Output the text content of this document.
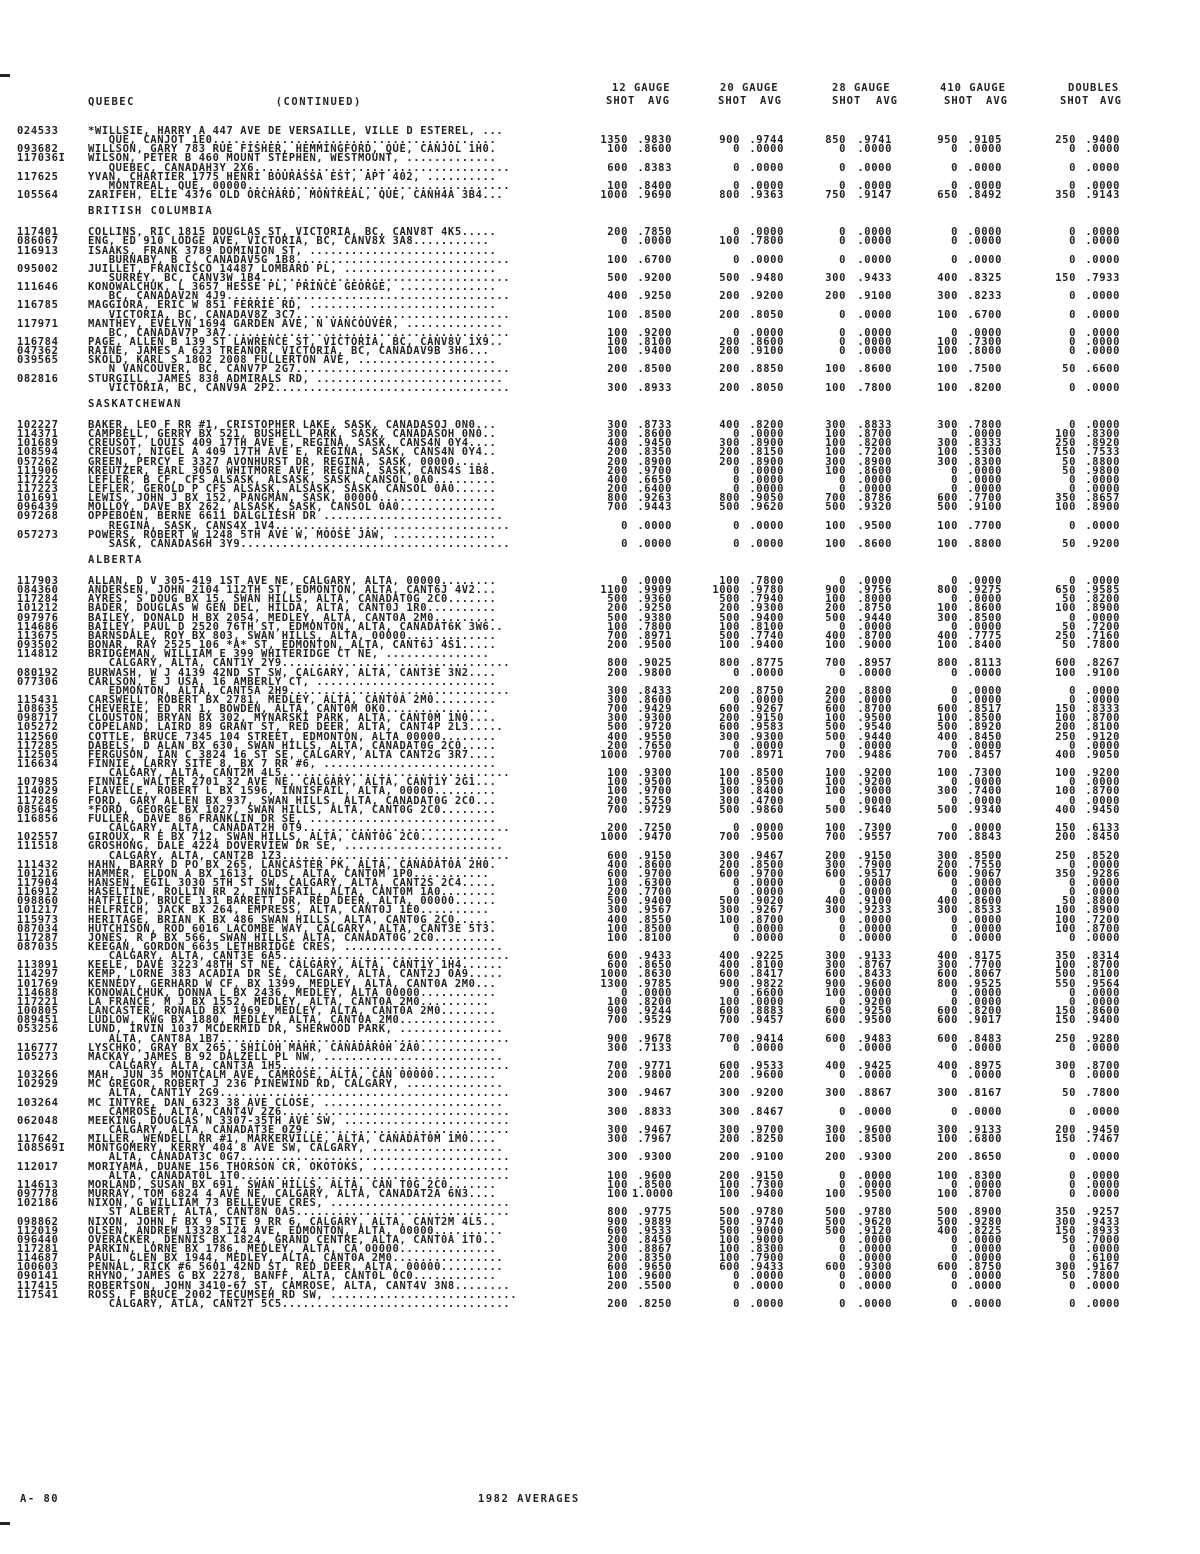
QUEBEC	(CONTINUED)
12 GAUGE	20 GAUGE	28 GAUGE	410 GAUGE	DOUBLES
SHOT AVG	SHOT AVG	SHOT AVG	SHOT AVG	SHOT AVG
024533	*WILLSIE, HARRY A 447 AVE DE VERSAILLE, VILLE D ESTEREL, ...
QUE, CANJOT 1E0.........................................	1350 .9830	900 .9744	850	.9741	950 .9105	250 .9400
093682	WILLSON, GARY 783 RUE FISHER, HEMMINGFORD, QUE, CANJOL 1H0.	100 .8600	0 .0000	0	.0000	0 .0000	0 .0000
117036I WILSON, PETER B 460 MOUNT STEPHEN, WESTMOUNT, .............
QUEBEC, CANADAH3Y 2X6.....................................	600 .8383	0 .0000	0	.0000	0 .0000	0 .0000
117625	YVAN, CHARTIER 1775 HENRI BOURASSA EST, APT 402, ..........
MONTREAL, QUE, 00000......................................	100 .8400	0 .0000	0	.0000	0 .0000	0 .0000
105564	ZARIFEH, ELIE 4376 OLD ORCHARD, MONTREAL, QUE, CANH4A 3B4...	1000 .9690	800 .9363	750	.9147	650 .8492	350 .9143
BRITISH COLUMBIA
117401	COLLINS, RIC 1815 DOUGLAS ST, VICTORIA, BC, CANV8T 4K5.....	200 .7850	0 .0000	0	.0000	0 .0000	0 .0000
086067	ENG, ED 910 LODGE AVE, VICTORIA, BC, CANV8X 3A8...........	0 .0000	100 .7800	0	.0000	0 .0000	0 .0000
116913	ISAAKS, FRANK 3789 DOMINION ST, ...........................
BURNABY, B C, CANADAV5G 1B8...............................	100 .6700	0 .0000	0	.0000	0 .0000	0 .0000
095002	JUILLET, FRANCISCO 14487 LOMBARD PL, ......................
SURREY, BC, CANV3W 1B4....................................	500 .9200	500 .9480	300	.9433	400 .8325	150 .7933
111646	KONOWALCHUK, L 3657 HESSE PL, PRINCE GEORGE, ..............
BC, CANADAV2N 4J9.........................................	400 .9250	200 .9200	200	.9100	300 .8233	0 .0000
116785	MAGGIORA, ERIC W 851 FERRIE RD, ...........................
VICTORIA, BC, CANADAV8Z 3C7...............................	100 .8500	200 .8050	0	.0000	100 .6700	0 .0000
117971	MANTHEY, EVELYN 1694 GARDEN AVE, N VANCOUVER, ..............
BC, CANADAV7P 3A7.........................................	100 .9200	0 .0000	0	.0000	0 .0000	0 .0000
116784	PAGE, ALLEN B 139 ST LAWRENCE ST, VICTORIA, BC, CANV8V 1X9..	100 .8100	200 .8600	0	.0000	100 .7300	0 .0000
047362	RAINE, JAMES A 623 TREANOR, VICTORIA, BC, CANADAV9B 3H6...	100 .9400	200 .9100	0	.0000	100 .8000	0 .0000
039565	SKOLD, KARL S 1802 2008 FULLERTON AVE, ....................
N VANCOUVER, BC, CANV7P 2G7...............................	200 .8500	200 .8850	100	.8600	100 .7500	50 .6600
082816	STURGILL, JAMES 838 ADMIRALS RD, ...........................
VICTORIA, BC, CANV9A 2P2..................................	300 .8933	200 .8050	100	.7800	100 .8200	0 .0000
SASKATCHEWAN
102227	BAKER, LEO F RR #1, CRISTOPHER LAKE, SASK, CANADASOJ 0N0...	300 .8733	400 .8200	300	.8833	300 .7800	0 .0000
114371	CAMPBELL, GERRY BX 521, BUSHELL PARK, SASK, CANADASOH 0N0..	300 .8600	0 .0000	100	.8700	0 .0000	100 .8300
101689	CREUSOT, LOUIS 409 17TH AVE E, REGINA, SASK, CANS4N 0Y4....	400 .9450	300 .8900	100	.8200	300 .8333	250 .8920
108594	CREUSOT, NIGEL A 409 17TH AVE E, REGINA, SASK, CANS4N 0Y4..	200 .8350	200 .8150	100	.7200	100 .5300	150 .7533
057262	GREEN, PERCY E 3327 AVONHURST DR, REGINA, SASK, 00000.....	200 .8900	200 .8900	300	.8900	300 .8300	50 .8800
111906	KREUTZER, EARL 3050 WHITMORE AVE, REGINA, SASK, CANS4S 1B8.	200 .9700	0 .0000	100	.8600	0 .0000	50 .9800
117222	LEFLER, B CF, CFS ALSASK, ALSASK, SASK, CANSOL 0A0.........	400 .6650	0 .0000	0	.0000	0 .0000	0 .0000
117223	LEFLER, GEROLD P CFS ALSASK, ALSASK, SASK, CANSOL 0A0......	200 .6400	0 .0000	0	.0000	0 .0000	0 .0000
101691	LEWIS, JOHN J BX 152, PANGMAN, SASK, 00000.................	800 .9263	800 .9050	700	.8786	600 .7700	350 .8657
096439	MOLLOY, DAVE BX 262, ALSASK, SASK, CANSOL 0A0..............	700 .9443	500 .9620	500	.9320	500 .9100	100 .8900
097268	OPPEBOEN, BERNE 6611 DALGLIESH DR ..........................
REGINA, SASK, CANS4X 1V4..................................	0 .0000	0 .0000	100	.9500	100 .7700	0 .0000
057273	POWERS, ROBERT W 1248 5TH AVE W, MOOSE JAW, ...............
SASK, CANADAS6H 3Y9.......................................	0 .0000	0 .0000	100	.8600	100 .8800	50 .9200
ALBERTA
117903	ALLAN, D V 305-419 1ST AVE NE, CALGARY, ALTA, 00000........	0 .0000	100 .7800	0	.0000	0 .0000	0 .0000
084360	ANDERSEN, JOHN 2104 112TH ST, EDMONTON, ALTA, CANT6J 4V2...	1100 .9909	1000 .9780	900	.9756	800 .9275	650 .9585
117284	AYRES, S DOUG BX 15, SWAN HILLS, ALTA, CANADAT0G 2C0.......	500 .9360	500 .7940	100	.8000	0 .0000	50 .8200
101212	BADER, DOUGLAS W GEN DEL, HILDA, ALTA, CANT0J 1R0..........	200 .9250	200 .9300	200	.8750	100 .8600	100 .8900
097976	BAILEY, DONALD H BX 2054, MEDLEY, ALTA, CANT0A 2M0.........	500 .9380	500 .9400	500	.9440	300 .8500	0 .0000
114686	BAILEY, PAUL D 2520 76TH ST, EDMONTON, ALTA, CANADAT6K 3W6..	100 .7800	100 .8100	0	.0000	0 .0000	50 .7200
113675	BARNSDALE, ROY BX 803, SWAN HILLS, ALTA, 00000.............	700 .8971	500 .7740	400	.8700	400 .7775	250 .7160
093502	BONAR, RAY 2525 106 *A* ST, EDMONTON, ALTA, CANT6J 4S1.....	200 .9500	100 .9400	100	.9000	100 .8400	50 .7800
114812	BRIDGEMAN, WILLIAM E 399 WHITERIDGE CT NE, ...............
CALGARY, ALTA, CANT1Y 2Y9.................................	800 .9025	800 .8775	700	.8957	800 .8113	600 .8267
080192	BURWASH, W J 4139 42ND ST SW, CALGARY, ALTA, CANT3E 3N2....	200 .9800	0 .0000	0	.0000	0 .0000	100 .9100
077306	CARLSON, E J USA, 16 AMBERLY CT, ..........................
EDMONTON, ALTA, CANT5A 2H9................................	300 .8433	200 .8750	200	.8800	0 .0000	0 .0000
115431	CARSWELL, ROBERT BX 2781, MEDLEY, ALTA, CANT0A 2M0.........	300 .8600	0 .0000	200	.0000	0 .0000	0 .0000
108635	CHEVERIE, ED RR 1, BOWDEN, ALTA, CANT0M 0K0...............	700 .9429	600 .9267	600	.8700	600 .8517	150 .8333
098717	CLOUSTON, BRYAN BX 302, MYNARSKI PARK, ALTA, CANT0M 1N0....	300 .9300	200 .9150	100	.9500	100 .8500	100 .8700
105272	COPELAND, LAIRD 89 GRANT ST, RED DEER, ALTA, CANT4P 2L3.....	500 .9720	600 .9583	500	.9540	500 .8920	200 .8100
112560	COTTLE, BRUCE 7345 104 STREET, EDMONTON, ALTA 00000........	400 .9550	300 .9300	500	.9440	400 .8450	250 .9120
117285	DABELS, D ALAN BX 630, SWAN HILLS, ALTA, CANADAT0G 2C0.....	200 .7650	0 .0000	0	.0000	0 .0000	0 .0000
112505	FERGUSON, IAN C 3824 16 ST SE, CALGARY, ALTA CANT2G 3R7....	1000 .9700	700 .8971	700	.9486	700 .8457	400 .9050
116634	FINNIE, LARRY SITE 8, BX 7 RR #6, .........................
CALGARY, ALTA, CANT2M 4L5.................................	100 .9300	100 .8500	100	.9200	100 .7300	100 .9200
107985	FINNIE, WALTER 2701 32 AVE NE, CALGARY, ALTA, CANT1Y 2G1...	100 .9500	100 .9500	100	.9200	0 .0000	0 .0000
114029	FLAVELLE, ROBERT L BX 1596, INNISFAIL, ALTA, 00000.........	100 .9700	300 .8400	100	.9000	300 .7400	100 .8700
117286	FORD, GARY ALLEN BX 937, SWAN HILLS, ALTA, CANADAT0G 2C0...	200 .5250	300 .4700	0	.0000	0 .0000	0 .0000
085645	*FORD, GEORGE BX 1027, SWAN HILLS, ALTA, CANT0G 2C0........	700 .9729	500 .9860	500	.9640	500 .9340	400 .9450
116856	FULLER, DAVE 86 FRANKLIN DR SE, ...........................
CALGARY, ALTA, CANADAT2H 0T9..............................	200 .7250	0 .0000	100	.7300	0 .0000	150 .6133
102557	GIROUX, R E BX 712, SWAN HILLS, ALTA, CANT0G 2C0...........	1000 .9470	700 .9500	700	.9557	700 .8843	200 .8450
111518	GROSHONG, DALE 4224 DOVERVIEW DR SE, .......................
CALGARY, ALTA, CANT2B 1Z3.................................	600 .9150	300 .9467	200	.9150	300 .8500	250 .8520
111432	HAHN, BARRY D PO BX 265, LANCASTER PK, ALTA, CANADAT0A 2H0.	400 .8600	200 .8500	300	.7900	200 .7550	0 .0000
101216	HAMMER, ELDON A BX 1613, OLDS, ALTA, CANT0M 1P0...........	600 .9700	600 .9700	600	.9517	600 .9067	350 .9286
117904	HANSEN, EGIL 3030 5TH ST SW, CALGARY, ALTA, CANT2S 2C4.....	100 .6300	0 .0000	0	.0000	0 .0000	0 .0000
116912	HASELTINE, ROLLIN RR 2, INNISFAIL, ALTA, CANT0M 1A0........	200 .7700	0 .0000	0	.0000	0 .0000	0 .0000
098860	HATFIELD, BRUCE 131 BARRETT DR, RED DEER, ALTA, 00000......	500 .9400	500 .9020	400	.9100	400 .8600	50 .8800
101217	HELFRICH, JACK BX 264, EMPRESS, ALTA, CANT0J 1E0..........	300 .9567	300 .9267	300	.9233	300 .8533	100 .8900
115973	HERITAGE, BRIAN K BX 486 SWAN HILLS, ALTA, CANT0G 2C0......	400 .8550	100 .8700	0	.0000	0 .0000	100 .7200
087034	HUTCHISON, ROD 6016 LACOMBE WAY, CALGARY, ALTA, CANT3E 5T3.	100 .8500	0 .0000	0	.0000	0 .0000	100 .8700
117287	JONES, R P BX 566, SWAN HILLS, ALTA, CANADAT0G 2C0.........	100 .8100	0 .0000	0	.0000	0 .0000	0 .0000
087035	KEEGAN, GORDON 6635 LETHBRIDGE CRES, .......................
CALGARY, ALTA, CANT3E 6A5.................................	600 .9433	400 .9225	300	.9133	400 .8175	350 .8314
113891	KEELE, DAVE 3223 48TH ST NE, CALGARY, ALTA, CANT1Y 1H4......	600 .8650	400 .8100	300	.8767	300 .7700	100 .8700
114297	KEMP, LORNE 383 ACADIA DR SE, CALGARY, ALTA, CANT2J 0A9.....	1000 .8630	600 .8417	600	.8433	600 .8067	500 .8100
101769	KENNEDY, GERHARD W CF, BX 1399, MEDLEY, ALTA, CANT0A 2M0...	1300 .9785	900 .9822	900	.9600	800 .9525	550 .9564
114688	KONOWALCHUK, DONNA L BX 2436, MEDLEY, ALTA 00000...........	0 .0000	0 .6600	100	.0000	0 .0000	0 .0000
117221	LA FRANCE, M J BX 1552, MEDLEY, ALTA, CANT0A 2M0..........	100 .8200	100 .0000	0	.9200	0 .0000	0 .0000
100805	LANCASTER, RONALD BX 1969, MEDLEY, ALTA, CANT0A 2M0........	900 .9244	600 .8883	600	.9250	600 .8200	150 .8600
089451	LUDLOW, KWG BX 1880, MEDLEY, ALTA, CANT0A 2M0..............	700 .9529	700 .9457	600	.9500	600 .9017	150 .9400
053256	LUND, IRVIN 1037 MCDERMID DR, SHERWOOD PARK, ...............
ALTA, CANT8A 1B7..........................................	900 .9678	700 .9414	600	.9483	600 .8483	250 .9280
116777	LYSCHKO, GRAY BX 265, SHILOH MAHR, CANADAR0H 2A0...........	300 .7133	0 .0000	0	.0000	0 .0000	0 .0000
105273	MACKAY, JAMES B 92 DALZELL PL NW, ..........................
CALGARY, ALTA, CANT3A 1H5.................................	700 .9771	600 .9533	400	.9425	400 .8975	300 .8700
103266	MAH, JUN 35 MONTCALM AVE, CAMROSE, ALTA, CAN 00000.........	200 .9800	200 .9600	0	.0000	0 .0000	0 .0000
102929	MC GREGOR, ROBERT J 236 PINEWIND RD, CALGARY, ..............
ALTA, CANT1Y 2G9..........................................	300 .9467	300 .9200	300	.8867	300 .8167	50 .7800
103264	MC INTYRE, DAN 6323 38 AVE CLOSE, ..........................
CAMROSE, ALTA, CANT4V 2Z6.................................	300 .8833	300 .8467	0	.0000	0 .0000	0 .0000
062048	MEEKING, DOUGLAS N 3307-35TH AVE SW, ........................
CALGARY, ALTA, CANADAT3E 0Z9..............................	300 .9467	300 .9700	300	.9600	300 .9133	200 .9450
117642	MILLER, WENDELL RR #1, MARKERVILLE, ALTA, CANADAT0M 1M0....	300 .7967	200 .8250	100	.8500	100 .6800	150 .7467
108569I MONTGOMERY, KERRY 404 8 AVE SW, CALGARY, ...................
ALTA, CANADAT3C 0G7.......................................	300 .9300	200 .9100	200	.9300	200 .8650	0 .0000
112017	MORIYAMA, DUANE 156 THORSON CR, OKOTOKS, ....................
ALTA, CANADAT0L 1T0.......................................	100 .9600	200 .9150	0	.0000	100 .8300	0 .0000
114613	MORLAND, SUSAN BX 691, SWAN HILLS, ALTA, CAN T0G 2C0.......	100 .8500	100 .7300	0	.0000	0 .0000	0 .0000
097778	MURRAY, TOM 6824 4 AVE NE, CALGARY, ALTA, CANADAT2A 6N3....	100 1.0000	100 .9400	100	.9500	100 .8700	0 .0000
102186	NIXON, G WILLIAM 73 BELLEVUE CRES, ..........................
ST ALBERT, ALTA, CANT8N 0A5...............................	800 .9775	500 .9780	500	.9780	500 .8900	350 .9257
098862	NIXON, JOHN F BX 9 SITE 9 RR 6, CALGARY, ALTA, CANT2M 4L5..	900 .9889	500 .9740	500	.9620	500 .9280	300 .9433
112019	OLSEN, ANDREW 13328 124 AVE, EDMONTON, ALTA, 00000..........	600 .9533	500 .9000	500	.9120	400 .8225	150 .8933
096440	OVERACKER, DENNIS BX 1824, GRAND CENTRE, ALTA, CANT0A 1T0..	200 .8450	100 .9000	0	.0000	0 .0000	50 .7000
117281	PARKIN, LORNE BX 1786, MEDLEY, ALTA, CA 00000..............	300 .8867	100 .8300	0	.0000	0 .0000	0 .0000
114687	PAUL, GLEN BX 1944, MEDLEY, ALTA, CANT0A 2M0................	200 .8350	100 .7900	0	.0000	0 .0000	0 .6100
100603	PENNAL, RICK #6 5601 42ND ST, RED DEER, ALTA, 00000.........	600 .9650	600 .9433	600	.9300	600 .8750	300 .9167
090141	RHYNO, JAMES G BX 2278, BANFF, ALTA, CANT0L 0C0............	100 .9600	0 .0000	0	.0000	0 .0000	50 .7800
117415	ROBERTSON, JOHN 3410-67 ST, CAMROSE, ALTA, CANT4V 3N8........	200 .5500	0 .0000	0	.0000	0 .0000	0 .0000
117541	ROSS, F BRUCE 2002 TECUMSEH RD SW, ...........................
CALGARY, ATLA, CANT2T 5C5.................................	200 .8250	0 .0000	0	.0000	0 .0000	0 .0000
A- 80	1982 AVERAGES
